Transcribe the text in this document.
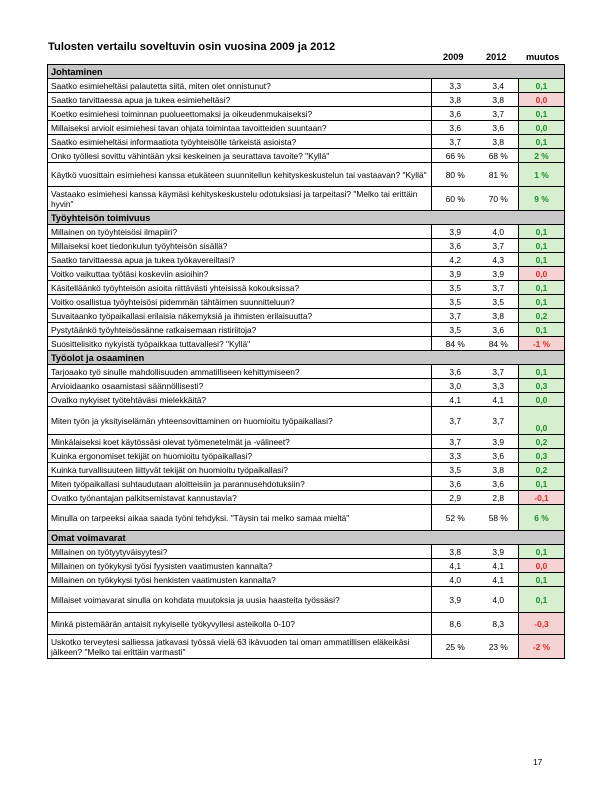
Tulosten vertailu soveltuvin osin vuosina 2009 ja 2012
2009 2012 muutos
Johtaminen			
Saatko esimieheltäsi palautetta siitä, miten olet onnistunut?	3,3	3,4	0,1
Saatko tarvittaessa apua ja tukea esimieheltäsi?	3,8	3,8	0,0
Koetko esimiehesi toiminnan puolueettomaksi ja oikeudenmukaiseksi?	3,6	3,7	0,1
Millaiseksi arvioit esimiehesi tavan ohjata toimintaa tavoitteiden suuntaan?	3,6	3,6	0,0
Saatko esimieheltäsi informaatiota työyhteisölle tärkeistä asioista?	3,7	3,8	0,1
Onko työllesi sovittu vähintään yksi keskeinen ja seurattava tavoite? "Kyllä"	66 %	68 %	2 %
Käytkö vuosittain esimiehesi kanssa etukäteen suunnitellun kehityskeskustelun tai vastaavan? "Kyllä"	80 %	81 %	1 %
Vastaako esimiehesi kanssa käymäsi kehityskeskustelu odotuksiasi ja tarpeitasi? "Melko tai erittäin hyvin"	60 %	70 %	9 %
Työyhteisön toimivuus			
Millainen on työyhteisösi ilmapiiri?	3,9	4,0	0,1
Millaiseksi koet tiedonkulun työyhteisön sisällä?	3,6	3,7	0,1
Saatko tarvittaessa apua ja tukea työkavereiltasi?	4,2	4,3	0,1
Voitko vaikuttaa työtäsi koskeviin asioihin?	3,9	3,9	0,0
Käsitelläänkö työyhteisön asioita riittävästi yhteisissä kokouksissa?	3,5	3,7	0,1
Voitko osallistua työyhteisösi pidemmän tähtäimen suunnitteluun?	3,5	3,5	0,1
Suvaitaanko työpaikallasi erilaisia näkemyksiä ja ihmisten erilaisuutta?	3,7	3,8	0,2
Pystytäänkö työyhteisössänne ratkaisemaan ristiriitoja?	3,5	3,6	0,1
Suosittelisitko nykyistä työpaikkaa tuttavallesi? "Kyllä"	84 %	84 %	-1 %
Työolot ja osaaminen			
Tarjoaako työ sinulle mahdollisuuden ammatilliseen kehittymiseen?	3,6	3,7	0,1
Arvioidaanko osaamistasi säännöllisesti?	3,0	3,3	0,3
Ovatko nykyiset työtehtäväsi mielekkäitä?	4,1	4,1	0,0
Miten työn ja yksityiselämän yhteensovittaminen on huomioitu työpaikallasi?	3,7	3,7	0,0
Minkälaiseksi koet käytössäsi olevat työmenetelmät ja -välineet?	3,7	3,9	0,2
Kuinka ergonomiset tekijät on huomioitu työpaikallasi?	3,3	3,6	0,3
Kuinka turvallisuuteen liittyvät tekijät on huomioitu työpaikallasi?	3,5	3,8	0,2
Miten työpaikallasi suhtaudutaan aloitteisiin ja parannusehdotuksiin?	3,6	3,6	0,1
Ovatko työnantajan palkitsemistavat kannustavia?	2,9	2,8	-0,1
Minulla on tarpeeksi aikaa saada työni tehdyksi. "Täysin tai melko samaa mieltä"	52 %	58 %	6 %
Omat voimavarat			
Millainen on työtyytyväisyytesi?	3,8	3,9	0,1
Millainen on työkykysi työsi fyysisten vaatimusten kannalta?	4,1	4,1	0,0
Millainen on työkykysi työsi henkisten vaatimusten kannalta?	4,0	4,1	0,1
Millaiset voimavarat sinulla on kohdata muutoksia ja uusia haasteita työssäsi?	3,9	4,0	0,1
Minkä pistemäärän antaisit nykyiselle työkyvyllesi asteikolla 0-10?	8,6	8,3	-0,3
Uskotko terveytesi salliessa jatkavasi työssä vielä 63 ikävuoden tai oman ammatillisen eläkeikäsi jälkeen? "Melko tai erittäin varmasti"	25 %	23 %	-2 %
17
